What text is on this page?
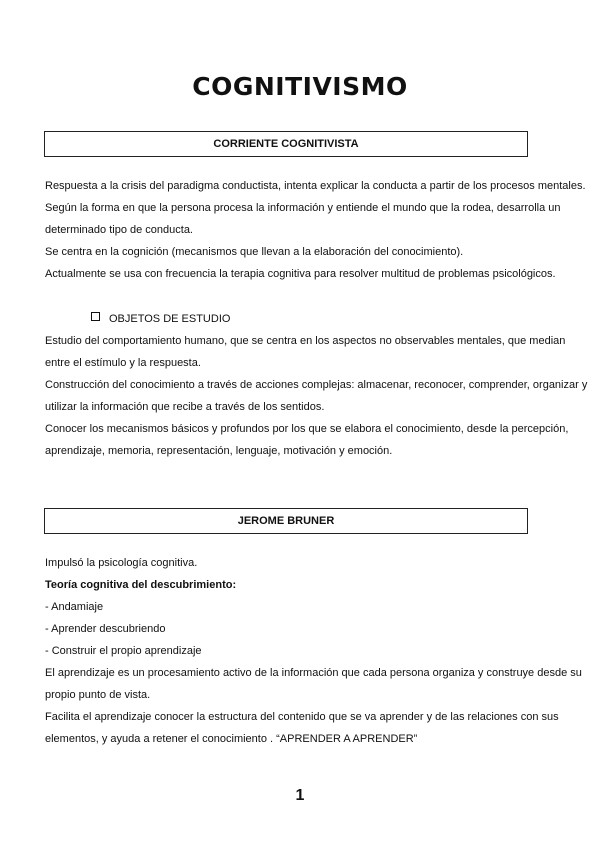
COGNITIVISMO
CORRIENTE COGNITIVISTA
Respuesta a la crisis del paradigma conductista, intenta explicar la conducta a partir de los procesos mentales.
Según la forma en que la persona procesa la información y entiende el mundo que la rodea, desarrolla un
determinado tipo de conducta.
Se centra en la cognición (mecanismos que llevan a la elaboración del conocimiento).
Actualmente se usa con frecuencia la terapia cognitiva para resolver multitud de problemas psicológicos.
OBJETOS DE ESTUDIO
Estudio del comportamiento humano, que se centra en los aspectos no observables mentales, que median
entre el estímulo y la respuesta.
Construcción del conocimiento a través de acciones complejas: almacenar, reconocer, comprender, organizar y
utilizar la información que recibe a través de los sentidos.
Conocer los mecanismos básicos y profundos por los que se elabora el conocimiento, desde la percepción,
aprendizaje, memoria, representación, lenguaje, motivación y emoción.
JEROME BRUNER
Impulsó la psicología cognitiva.
Teoría cognitiva del descubrimiento:
- Andamiaje
- Aprender descubriendo
- Construir el propio aprendizaje
El aprendizaje es un procesamiento activo de la información que cada persona organiza y construye desde su
propio punto de vista.
Facilita el aprendizaje conocer la estructura del contenido que se va aprender y de las relaciones con sus
elementos, y ayuda a retener el conocimiento . “APRENDER A APRENDER”
1
